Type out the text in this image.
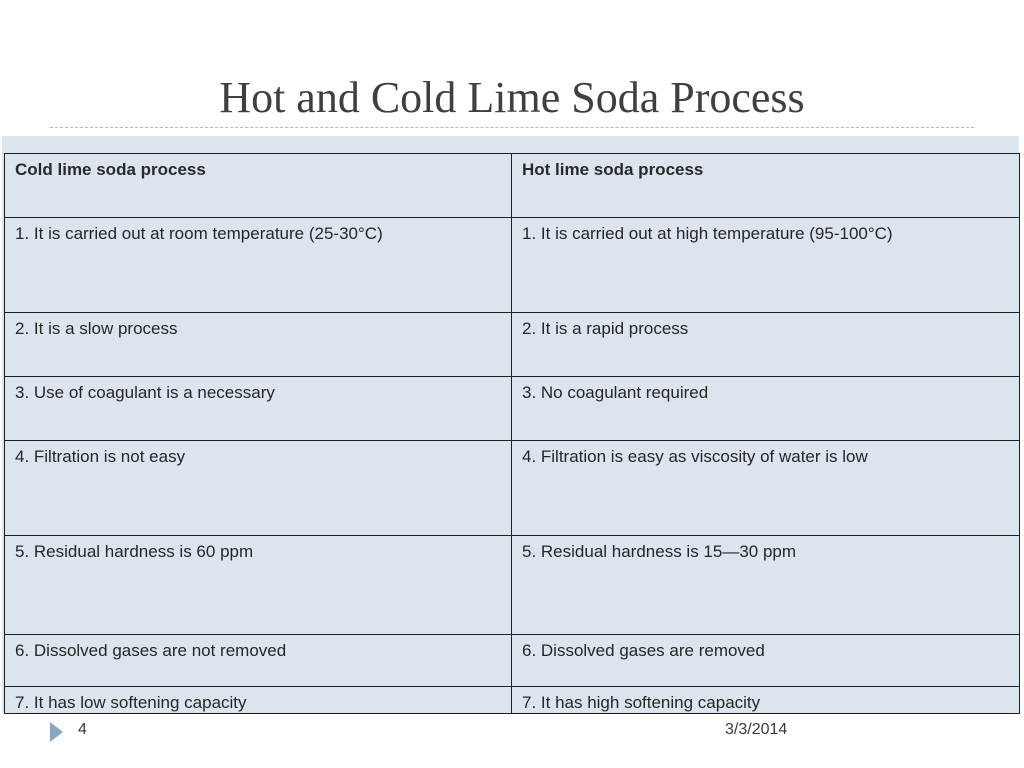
Hot and Cold Lime Soda Process
Cold lime soda process	Hot lime soda process
1. It is carried out at room temperature (25-30°C)	1. It is carried out at high temperature (95-100°C)
2. It is a slow process	2. It is a rapid process
3. Use of coagulant is a necessary	3. No coagulant required
4. Filtration is not easy	4. Filtration is easy as viscosity of water is low
5. Residual hardness is 60 ppm	5. Residual hardness is 15—30 ppm
6. Dissolved gases are not removed	6. Dissolved gases are removed
7. It has low softening capacity	7. It has high softening capacity
4	3/3/2014
